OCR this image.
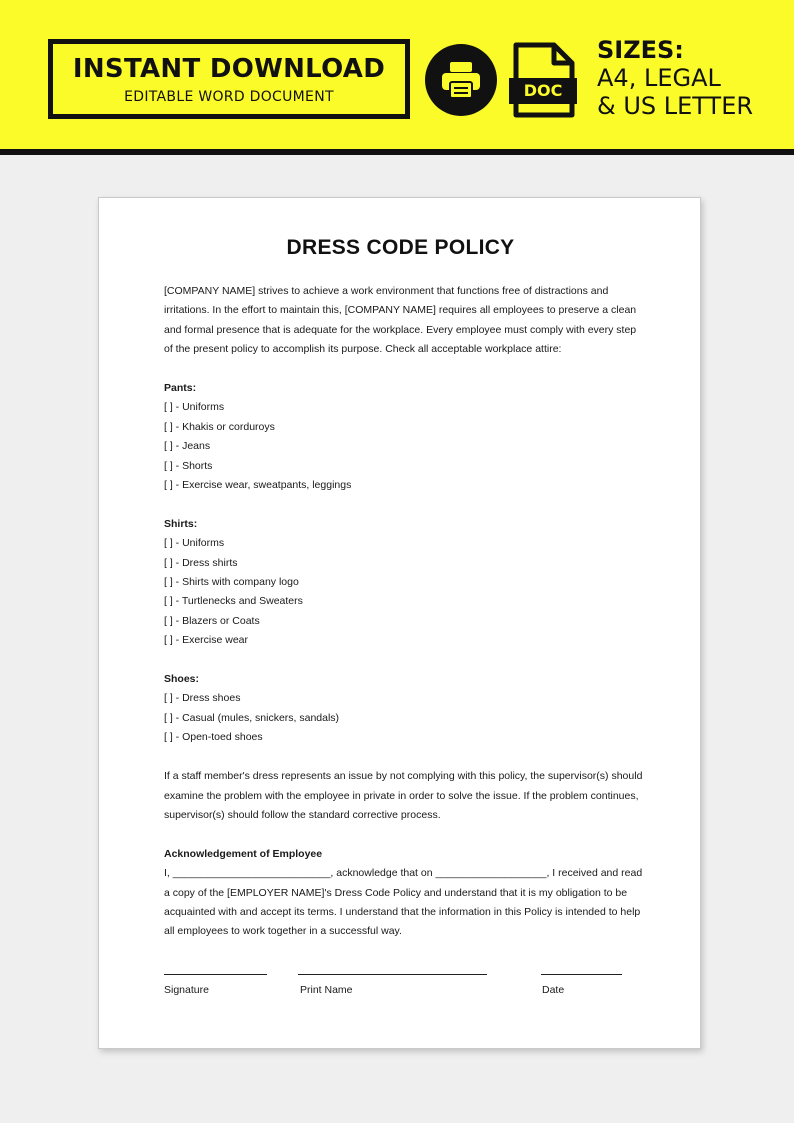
INSTANT DOWNLOAD
EDITABLE WORD DOCUMENT	DOC
SIZES:
A4, LEGAL
& US LETTER
DRESS CODE POLICY

[COMPANY NAME] strives to achieve a work environment that functions free of distractions and irritations. In the effort to maintain this, [COMPANY NAME] requires all employees to preserve a clean and formal presence that is adequate for the workplace. Every employee must comply with every step of the present policy to accomplish its purpose. Check all acceptable workplace attire:

Pants:

[ ] - Uniforms

[ ] - Khakis or corduroys

[ ] - Jeans

[ ] - Shorts

[ ] - Exercise wear, sweatpants, leggings

Shirts:

[ ] - Uniforms

[ ] - Dress shirts

[ ] - Shirts with company logo

[ ] - Turtlenecks and Sweaters

[ ] - Blazers or Coats

[ ] - Exercise wear

Shoes:

[ ] - Dress shoes

[ ] - Casual (mules, snickers, sandals)

[ ] - Open-toed shoes

If a staff member's dress represents an issue by not complying with this policy, the supervisor(s) should examine the problem with the employee in private in order to solve the issue. If the problem continues, supervisor(s) should follow the standard corrective process.

Acknowledgement of Employee

I, ___________________________, acknowledge that on ___________________, I received and read a copy of the [EMPLOYER NAME]'s Dress Code Policy and understand that it is my obligation to be acquainted with and accept its terms. I understand that the information in this Policy is intended to help all employees to work together in a successful way.

Signature	Print Name	Date
